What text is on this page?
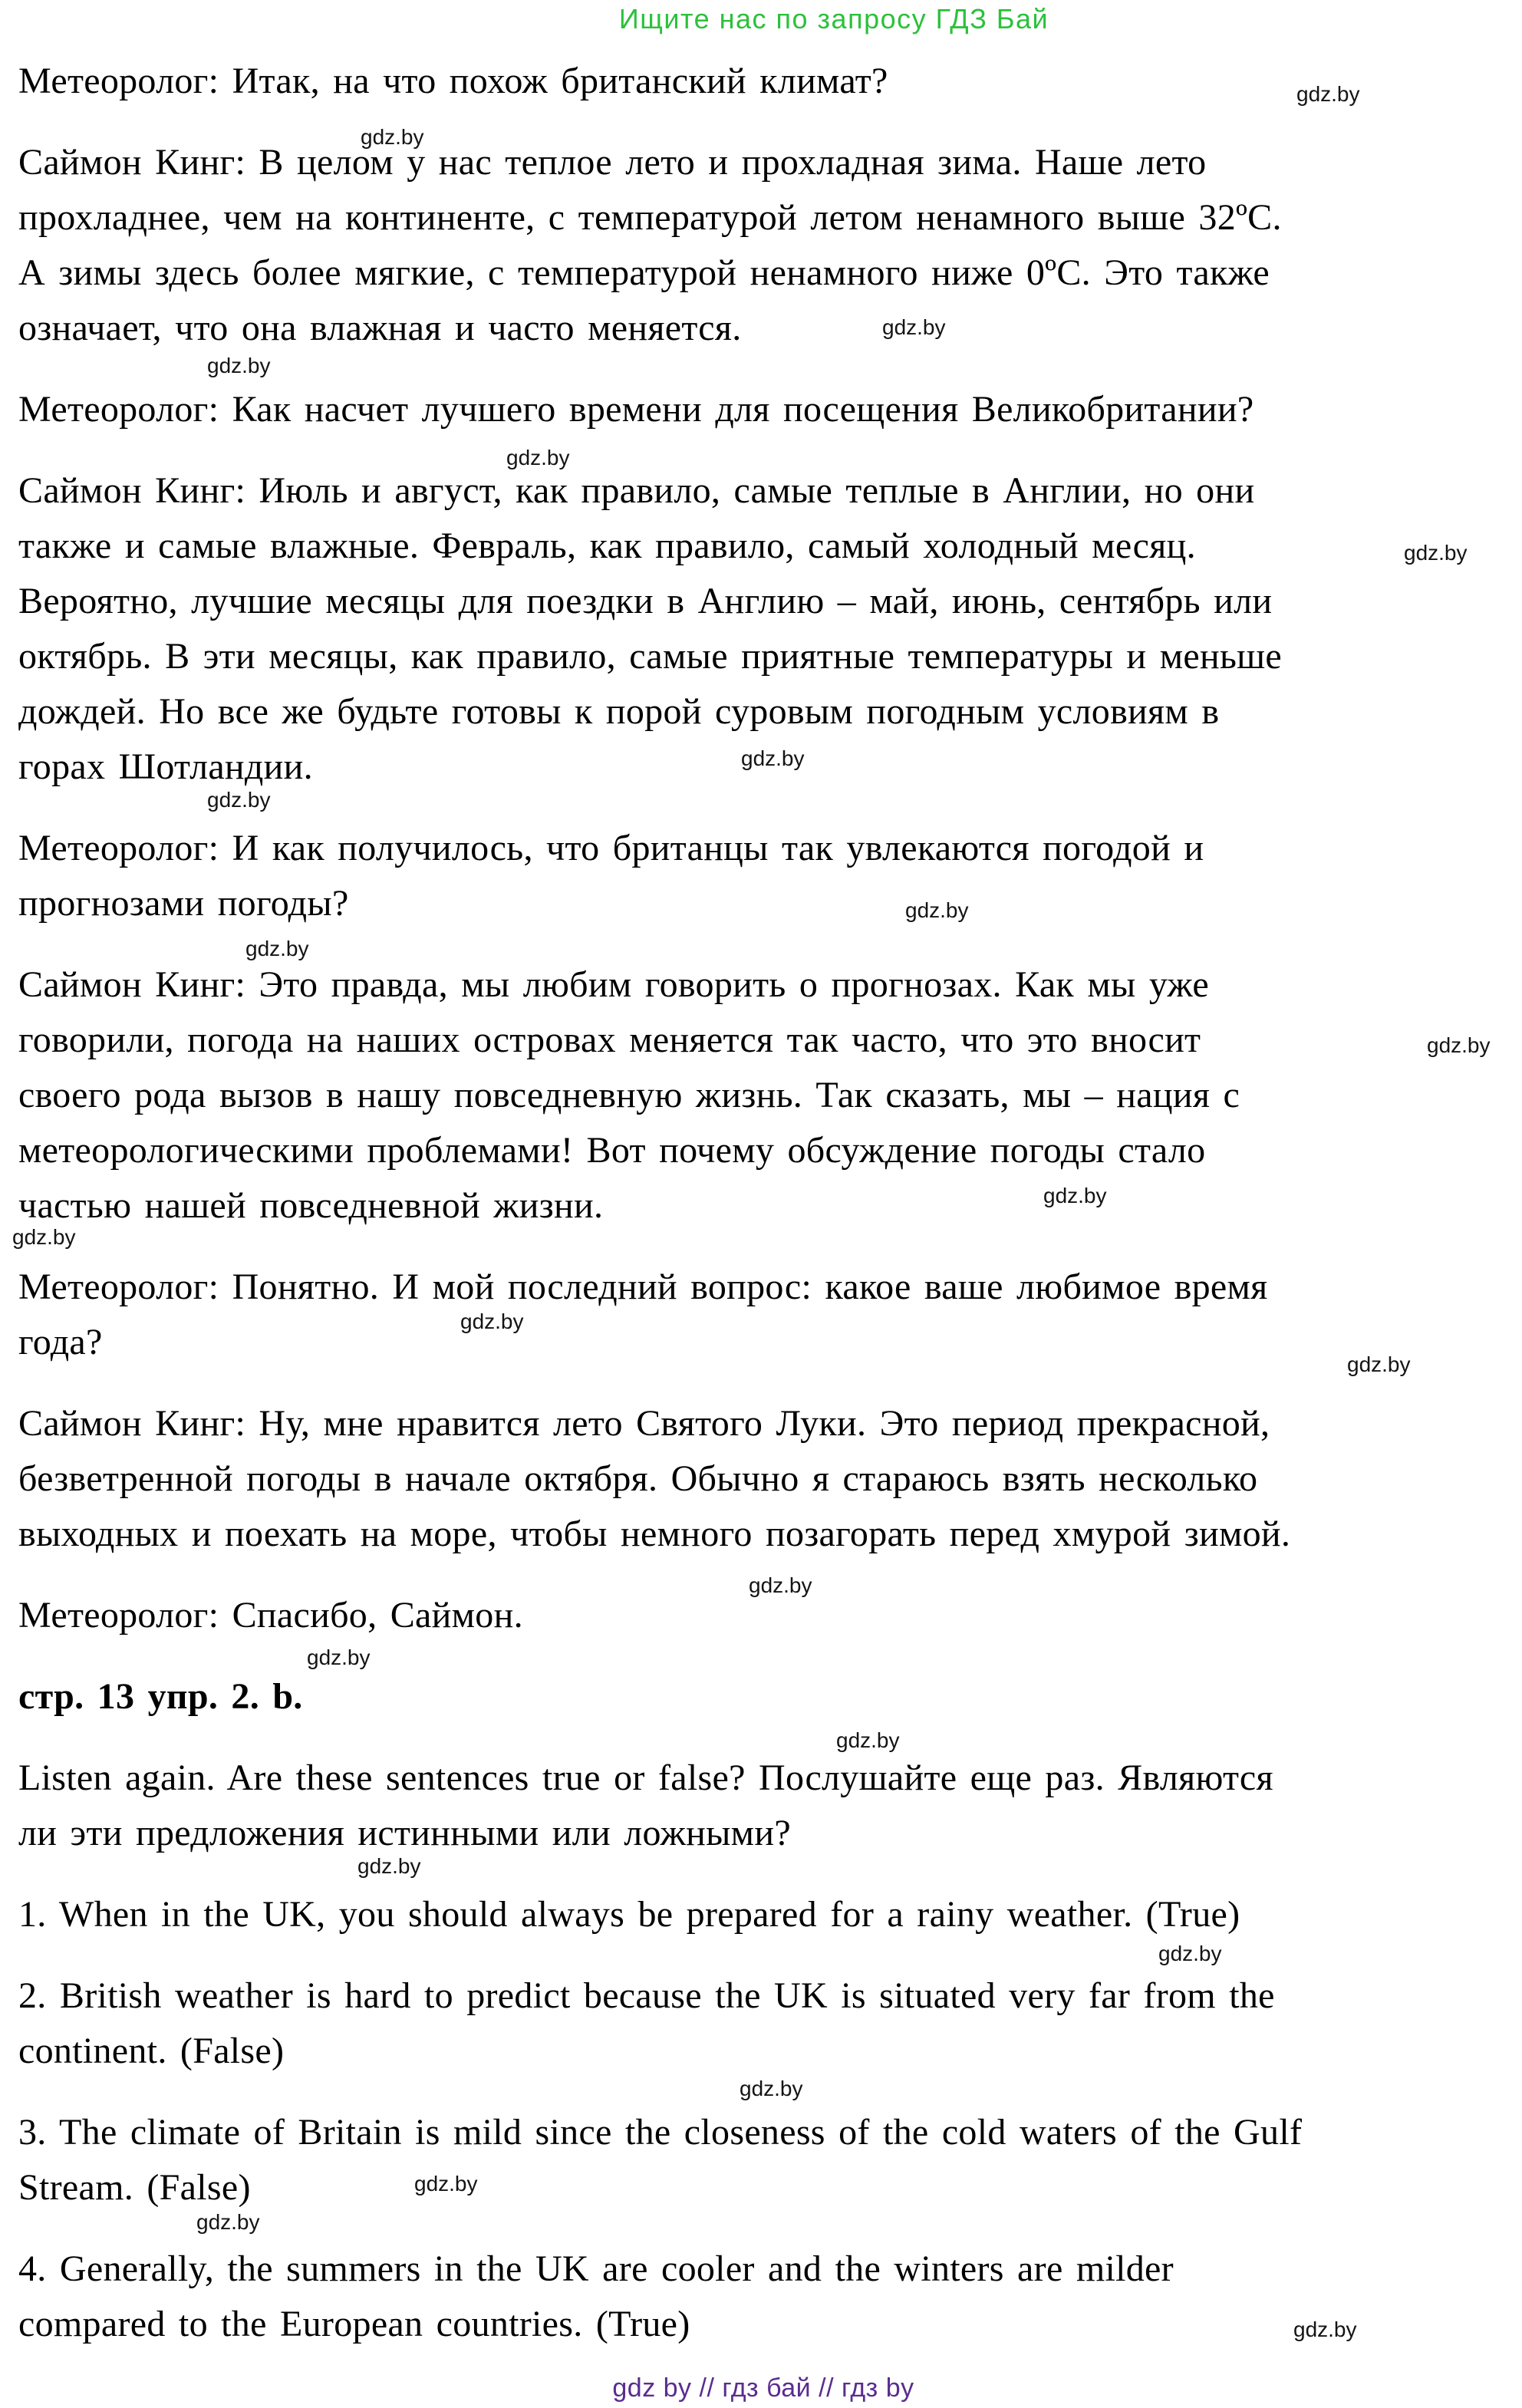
Ищите нас по запросу ГДЗ Бай
Метеоролог: Итак, на что похож британский климат?
Саймон Кинг: В целом у нас теплое лето и прохладная зима. Наше лето
прохладнее, чем на континенте, с температурой летом ненамного выше 32ºC.
А зимы здесь более мягкие, с температурой ненамного ниже 0ºC. Это также
означает, что она влажная и часто меняется.
Метеоролог: Как насчет лучшего времени для посещения Великобритании?
Саймон Кинг: Июль и август, как правило, самые теплые в Англии, но они
также и самые влажные. Февраль, как правило, самый холодный месяц.
Вероятно, лучшие месяцы для поездки в Англию – май, июнь, сентябрь или
октябрь. В эти месяцы, как правило, самые приятные температуры и меньше
дождей. Но все же будьте готовы к порой суровым погодным условиям в
горах Шотландии.
Метеоролог: И как получилось, что британцы так увлекаются погодой и
прогнозами погоды?
Саймон Кинг: Это правда, мы любим говорить о прогнозах. Как мы уже
говорили, погода на наших островах меняется так часто, что это вносит
своего рода вызов в нашу повседневную жизнь. Так сказать, мы – нация с
метеорологическими проблемами! Вот почему обсуждение погоды стало
частью нашей повседневной жизни.
Метеоролог: Понятно. И мой последний вопрос: какое ваше любимое время
года?
Саймон Кинг: Ну, мне нравится лето Святого Луки. Это период прекрасной,
безветренной погоды в начале октября. Обычно я стараюсь взять несколько
выходных и поехать на море, чтобы немного позагорать перед хмурой зимой.
Метеоролог: Спасибо, Саймон.
стр. 13 упр. 2. b.
Listen again. Are these sentences true or false? Послушайте еще раз. Являются
ли эти предложения истинными или ложными?
1. When in the UK, you should always be prepared for a rainy weather. (True)
2. British weather is hard to predict because the UK is situated very far from the
continent. (False)
3. The climate of Britain is mild since the closeness of the cold waters of the Gulf
Stream. (False)
4. Generally, the summers in the UK are cooler and the winters are milder
compared to the European countries. (True)
gdz by // гдз бай // гдз by
gdz.by
gdz.by
gdz.by
gdz.by
gdz.by
gdz.by
gdz.by
gdz.by
gdz.by
gdz.by
gdz.by
gdz.by
gdz.by
gdz.by
gdz.by
gdz.by
gdz.by
gdz.by
gdz.by
gdz.by
gdz.by
gdz.by
gdz.by
gdz.by
